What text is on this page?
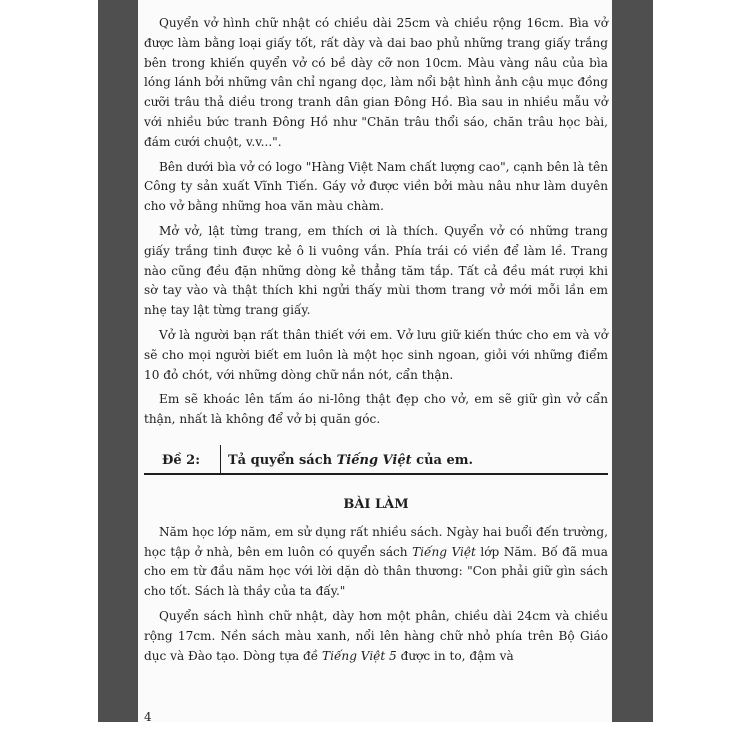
Quyển vở hình chữ nhật có chiều dài 25cm và chiều rộng 16cm. Bìa vở được làm bằng loại giấy tốt, rất dày và dai bao phủ những trang giấy trắng bên trong khiến quyển vở có bề dày cỡ non 10cm. Màu vàng nâu của bìa lóng lánh bởi những vân chỉ ngang dọc, làm nổi bật hình ảnh cậu mục đồng cưỡi trâu thả diều trong tranh dân gian Đông Hồ. Bìa sau in nhiều mẫu vở với nhiều bức tranh Đông Hồ như "Chăn trâu thổi sáo, chăn trâu học bài, đám cưới chuột, v.v...".

Bên dưới bìa vở có logo "Hàng Việt Nam chất lượng cao", cạnh bên là tên Công ty sản xuất Vĩnh Tiến. Gáy vở được viền bởi màu nâu như làm duyên cho vở bằng những hoa văn màu chàm.

Mở vở, lật từng trang, em thích ơi là thích. Quyển vở có những trang giấy trắng tinh được kẻ ô li vuông vắn. Phía trái có viền để làm lề. Trang nào cũng đều đặn những dòng kẻ thẳng tăm tắp. Tất cả đều mát rượi khi sờ tay vào và thật thích khi ngửi thấy mùi thơm trang vở mới mỗi lần em nhẹ tay lật từng trang giấy.

Vở là người bạn rất thân thiết với em. Vở lưu giữ kiến thức cho em và vở sẽ cho mọi người biết em luôn là một học sinh ngoan, giỏi với những điểm 10 đỏ chót, với những dòng chữ nắn nót, cẩn thận.

Em sẽ khoác lên tấm áo ni-lông thật đẹp cho vở, em sẽ giữ gìn vở cẩn thận, nhất là không để vở bị quăn góc.

Đề 2: Tả quyển sách Tiếng Việt của em.
BÀI LÀM

Năm học lớp năm, em sử dụng rất nhiều sách. Ngày hai buổi đến trường, học tập ở nhà, bên em luôn có quyển sách Tiếng Việt lớp Năm. Bố đã mua cho em từ đầu năm học với lời dặn dò thân thương: "Con phải giữ gìn sách cho tốt. Sách là thầy của ta đấy."

Quyển sách hình chữ nhật, dày hơn một phân, chiều dài 24cm và chiều rộng 17cm. Nền sách màu xanh, nổi lên hàng chữ nhỏ phía trên Bộ Giáo dục và Đào tạo. Dòng tựa đề Tiếng Việt 5 được in to, đậm và

4
